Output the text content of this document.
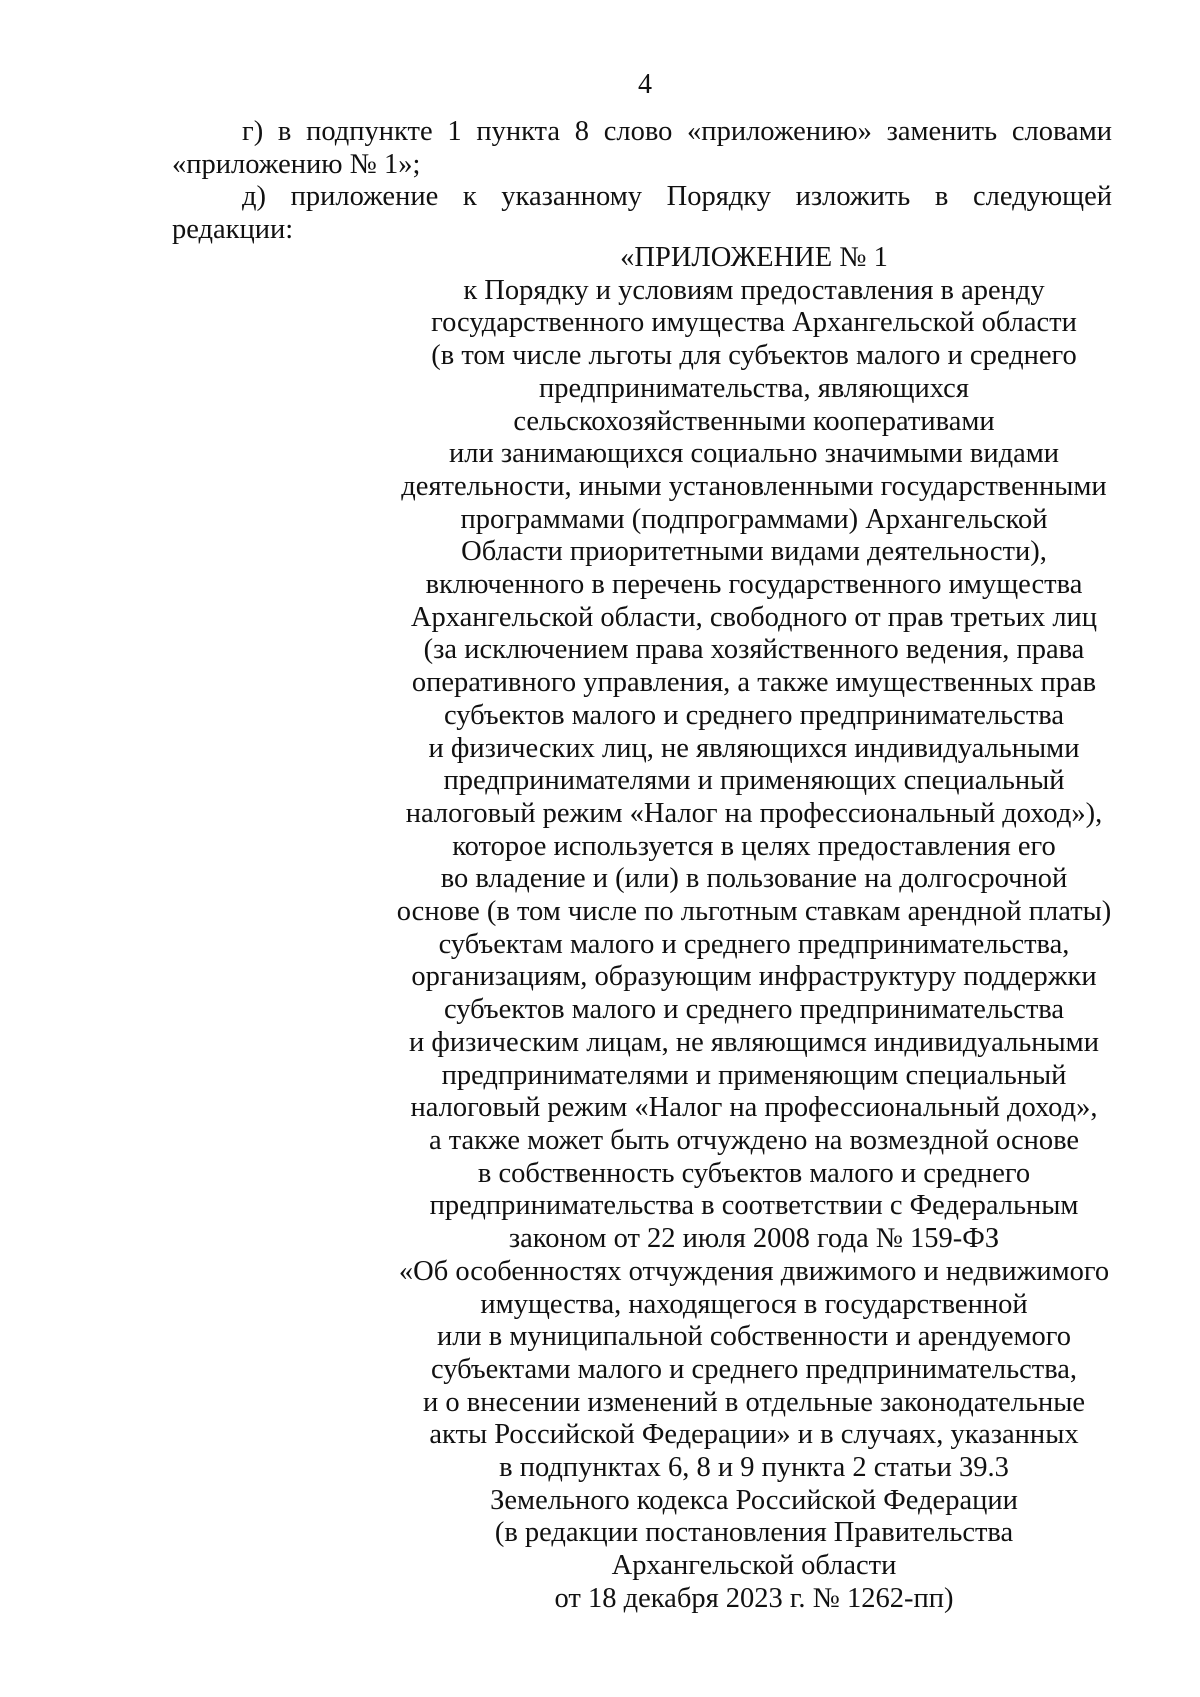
4

г) в подпункте 1 пункта 8 слово «приложению» заменить словами «приложению № 1»;

д) приложение к указанному Порядку изложить в следующей редакции:

«ПРИЛОЖЕНИЕ № 1
к Порядку и условиям предоставления в аренду
государственного имущества Архангельской области
(в том числе льготы для субъектов малого и среднего
предпринимательства, являющихся
сельскохозяйственными кооперативами
или занимающихся социально значимыми видами
деятельности, иными установленными государственными
программами (подпрограммами) Архангельской
Области приоритетными видами деятельности),
включенного в перечень государственного имущества
Архангельской области, свободного от прав третьих лиц
(за исключением права хозяйственного ведения, права
оперативного управления, а также имущественных прав
субъектов малого и среднего предпринимательства
и физических лиц, не являющихся индивидуальными
предпринимателями и применяющих специальный
налоговый режим «Налог на профессиональный доход»),
которое используется в целях предоставления его
во владение и (или) в пользование на долгосрочной
основе (в том числе по льготным ставкам арендной платы)
субъектам малого и среднего предпринимательства,
организациям, образующим инфраструктуру поддержки
субъектов малого и среднего предпринимательства
и физическим лицам, не являющимся индивидуальными
предпринимателями и применяющим специальный
налоговый режим «Налог на профессиональный доход»,
а также может быть отчуждено на возмездной основе
в собственность субъектов малого и среднего
предпринимательства в соответствии с Федеральным
законом от 22 июля 2008 года № 159-ФЗ
«Об особенностях отчуждения движимого и недвижимого
имущества, находящегося в государственной
или в муниципальной собственности и арендуемого
субъектами малого и среднего предпринимательства,
и о внесении изменений в отдельные законодательные
акты Российской Федерации» и в случаях, указанных
в подпунктах 6, 8 и 9 пункта 2 статьи 39.3
Земельного кодекса Российской Федерации
(в редакции постановления Правительства
Архангельской области
от 18 декабря 2023 г. № 1262-пп)
